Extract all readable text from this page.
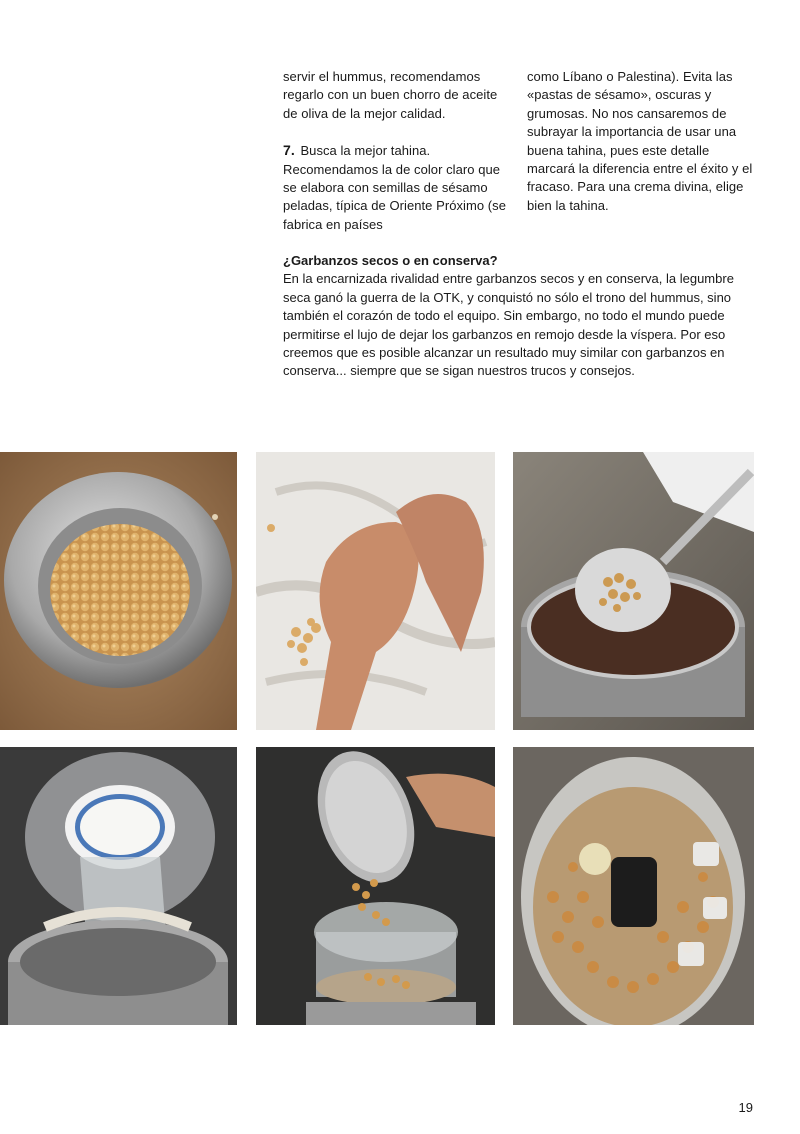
servir el hummus, recomendamos regarlo con un buen chorro de aceite de oliva de la mejor calidad.

7. Busca la mejor tahina. Recomendamos la de color claro que se elabora con semillas de sésamo peladas, típica de Oriente Próximo (se fabrica en países

como Líbano o Palestina). Evita las «pastas de sésamo», oscuras y grumosas. No nos cansaremos de subrayar la importancia de usar una buena tahina, pues este detalle marcará la diferencia entre el éxito y el fracaso. Para una crema divina, elige bien la tahina.

¿Garbanzos secos o en conserva?

En la encarnizada rivalidad entre garbanzos secos y en conserva, la legumbre seca ganó la guerra de la OTK, y conquistó no sólo el trono del hummus, sino también el corazón de todo el equipo. Sin embargo, no todo el mundo puede permitirse el lujo de dejar los garbanzos en remojo desde la víspera. Por eso creemos que es posible alcanzar un resultado muy similar con garbanzos en conserva... siempre que se sigan nuestros trucos y consejos.

19
